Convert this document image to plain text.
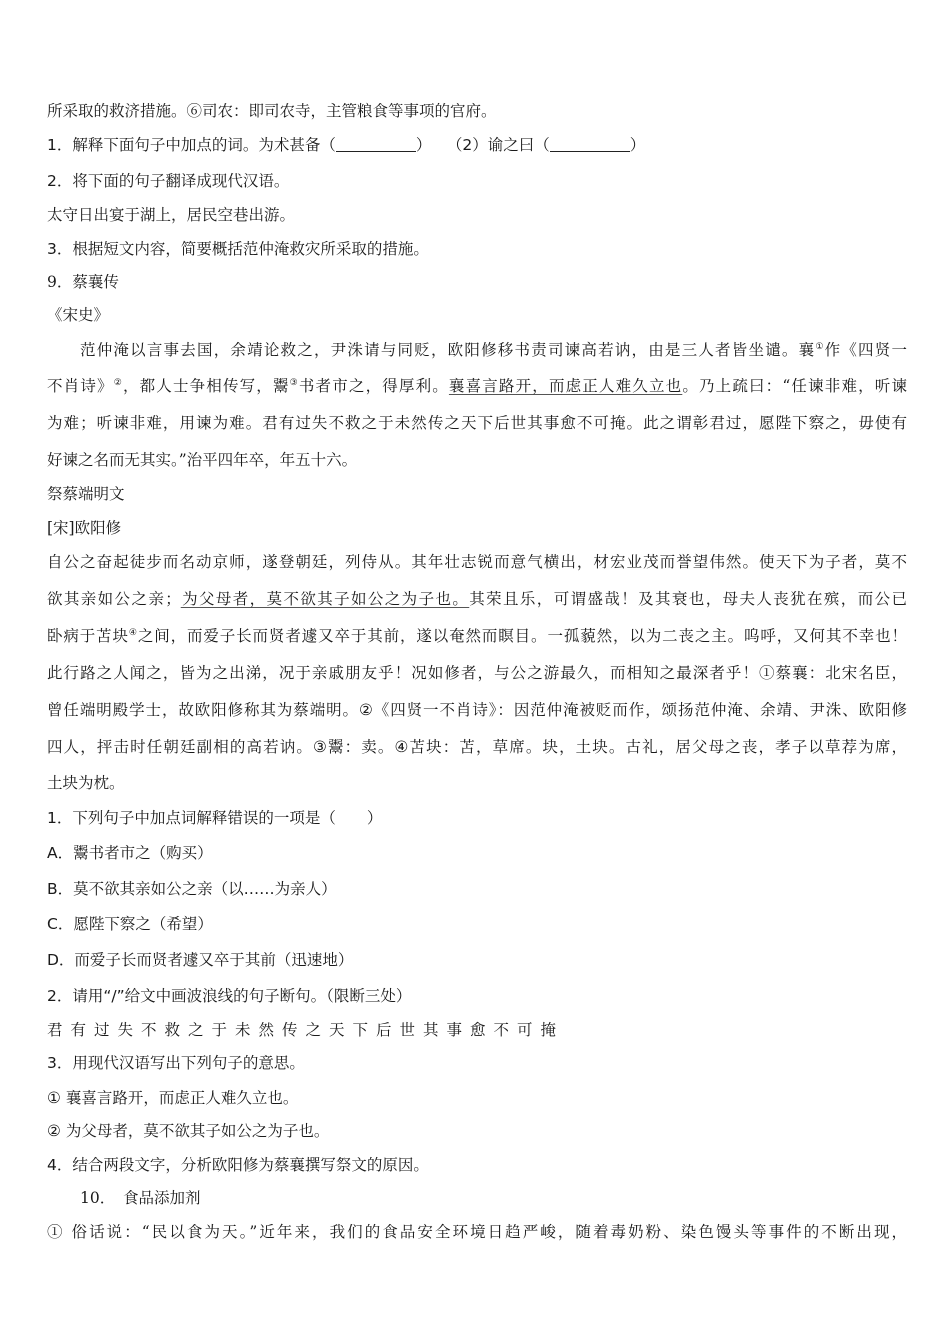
所采取的救济措施。⑥司农：即司农寺，主管粮食等事项的官府。
1．解释下面句子中加点的词。为术甚备（	）　　（2）谕之曰（	）
2．将下面的句子翻译成现代汉语。
太守日出宴于湖上，居民空巷出游。
3．根据短文内容，简要概括范仲淹救灾所采取的措施。
9．蔡襄传
《宋史》
范仲淹以言事去国，余靖论救之，尹洙请与同贬，欧阳修移书责司谏高若讷，由是三人者皆坐谴。襄①作《四贤一
不肖诗》②，都人士争相传写，鬻③书者市之，得厚利。襄喜言路开，而虑正人难久立也。乃上疏曰：“任谏非难，听谏
为难；听谏非难，用谏为难。君有过失不救之于未然传之天下后世其事愈不可掩。此之谓彰君过，愿陛下察之，毋使有
好谏之名而无其实。”治平四年卒，年五十六。
祭蔡端明文
[宋]欧阳修
自公之奋起徒步而名动京师，遂登朝廷，列侍从。其年壮志锐而意气横出，材宏业茂而誉望伟然。使天下为子者，莫不
欲其亲如公之亲；为父母者，莫不欲其子如公之为子也。其荣且乐，可谓盛哉！及其衰也，母夫人丧犹在殡，而公已
卧病于苫块④之间，而爱子长而贤者遽又卒于其前，遂以奄然而瞑目。一孤藐然，以为二丧之主。呜呼，又何其不幸也！
此行路之人闻之，皆为之出涕，况于亲戚朋友乎！况如修者，与公之游最久，而相知之最深者乎！①蔡襄：北宋名臣，
曾任端明殿学士，故欧阳修称其为蔡端明。②《四贤一不肖诗》：因范仲淹被贬而作，颂扬范仲淹、余靖、尹洙、欧阳修
四人，抨击时任朝廷副相的高若讷。③鬻：卖。④苫块：苫，草席。块，土块。古礼，居父母之丧，孝子以草荐为席，
土块为枕。
1．下列句子中加点词解释错误的一项是（　　）
A．鬻书者市之（购买）
B．莫不欲其亲如公之亲（以……为亲人）
C．愿陛下察之（希望）
D．而爱子长而贤者遽又卒于其前（迅速地）
2．请用“/”给文中画波浪线的句子断句。（限断三处）
君有过失不救之于未然传之天下后世其事愈不可掩
3．用现代汉语写出下列句子的意思。
① 襄喜言路开，而虑正人难久立也。
② 为父母者，莫不欲其子如公之为子也。
4．结合两段文字，分析欧阳修为蔡襄撰写祭文的原因。
10．　食品添加剂
① 俗话说：“民以食为天。”近年来，我们的食品安全环境日趋严峻，随着毒奶粉、染色馒头等事件的不断出现，
